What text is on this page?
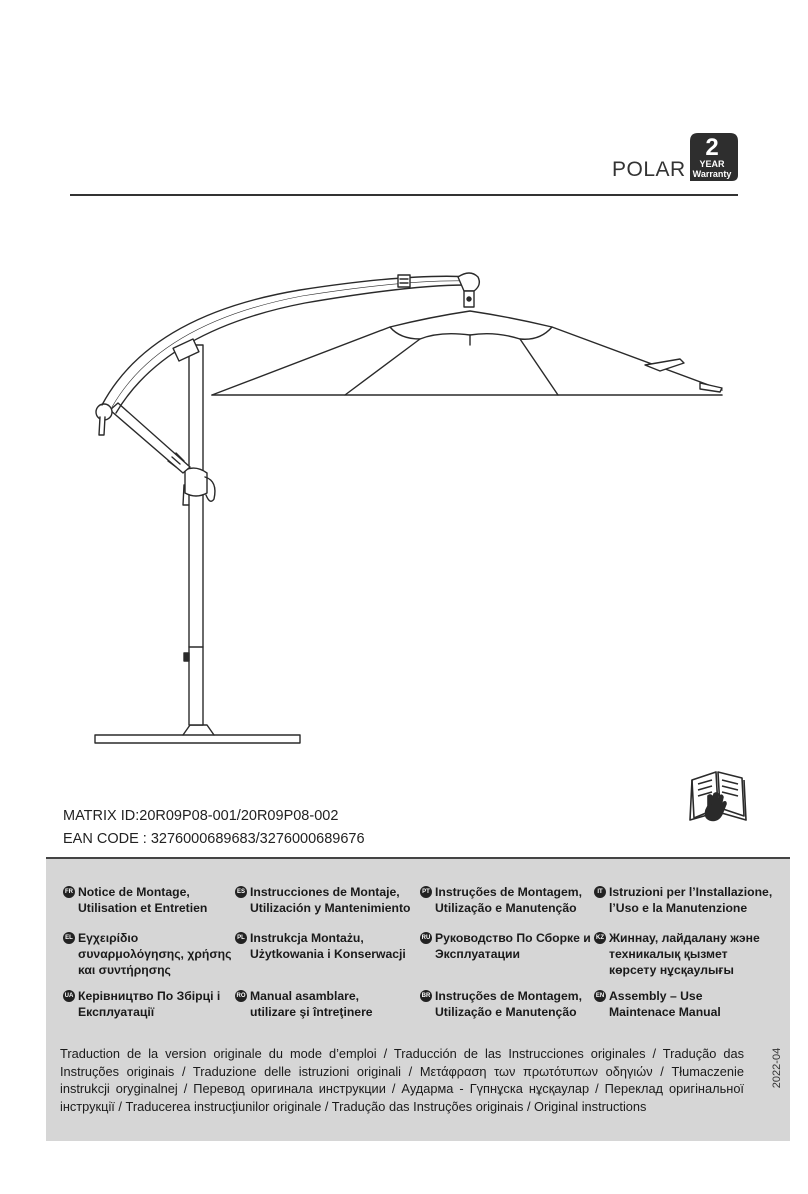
POLAR
2
YEAR
Warranty
MATRIX ID:20R09P08-001/20R09P08-002
EAN CODE : 3276000689683/3276000689676
FR Notice de Montage,
Utilisation et Entretien
ES Instrucciones de Montaje,
Utilización y Mantenimiento
PT Instruções de Montagem,
Utilização e Manutenção
IT Istruzioni per l’Installazione,
l’Uso e la Manutenzione
EL Εγχειρίδιο
συναρμολόγησης, χρήσης
και συντήρησης
PL Instrukcja Montażu,
Użytkowania i Konserwacji
RU Руководство По Сборке и
Эксплуатации
KZ Жиннау, лайдалану жэне
техникалық қызмет
көрсету нұсқаулығы
UA Керівництво По Збірці і
Експлуатації
RO Manual asamblare,
utilizare şi întreţinere
BR Instruções de Montagem,
Utilização e Manutenção
EN Assembly – Use
Maintenace Manual
Traduction de la version originale du mode d’emploi / Traducción de las Instrucciones originales / Tradução das Instruções originais / Traduzione delle istruzioni originali / Μετάφραση των πρωτότυπων οδηγιών / Tłumaczenie instrukcji oryginalnej / Перевод оригинала инструкции / Аударма - Гүпнұска нұсқаулар / Переклад оригінальної інструкції / Traducerea instrucţiunilor originale / Tradução das Instruções originais / Original instructions
2022-04
